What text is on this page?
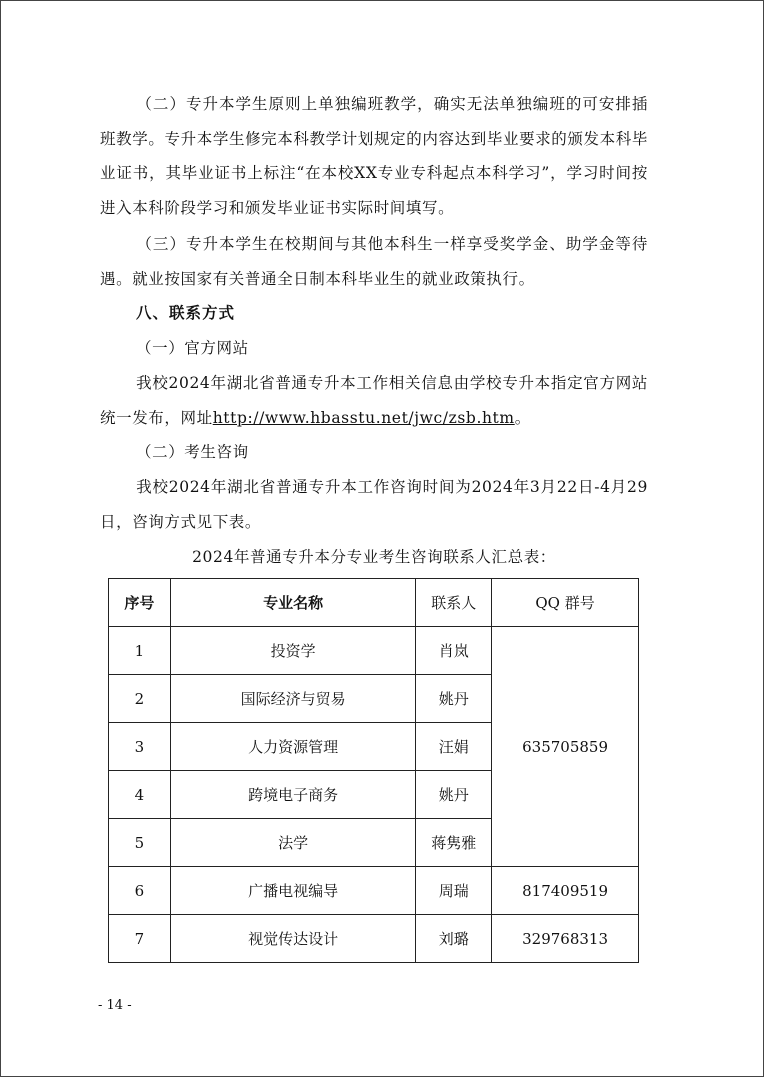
（二）专升本学生原则上单独编班教学，确实无法单独编班的可安排插班教学。专升本学生修完本科教学计划规定的内容达到毕业要求的颁发本科毕业证书，其毕业证书上标注“在本校XX专业专科起点本科学习”，学习时间按进入本科阶段学习和颁发毕业证书实际时间填写。
（三）专升本学生在校期间与其他本科生一样享受奖学金、助学金等待遇。就业按国家有关普通全日制本科毕业生的就业政策执行。
八、联系方式
（一）官方网站
我校2024年湖北省普通专升本工作相关信息由学校专升本指定官方网站统一发布，网址http://www.hbasstu.net/jwc/zsb.htm。
（二）考生咨询
我校2024年湖北省普通专升本工作咨询时间为2024年3月22日-4月29日，咨询方式见下表。
2024年普通专升本分专业考生咨询联系人汇总表：
序号	专业名称	联系人	QQ 群号
1	投资学	肖岚	635705859
2	国际经济与贸易	姚丹	
3	人力资源管理	汪娟	
4	跨境电子商务	姚丹	
5	法学	蒋隽雅	
6	广播电视编导	周瑞	817409519
7	视觉传达设计	刘璐	329768313
- 14 -
